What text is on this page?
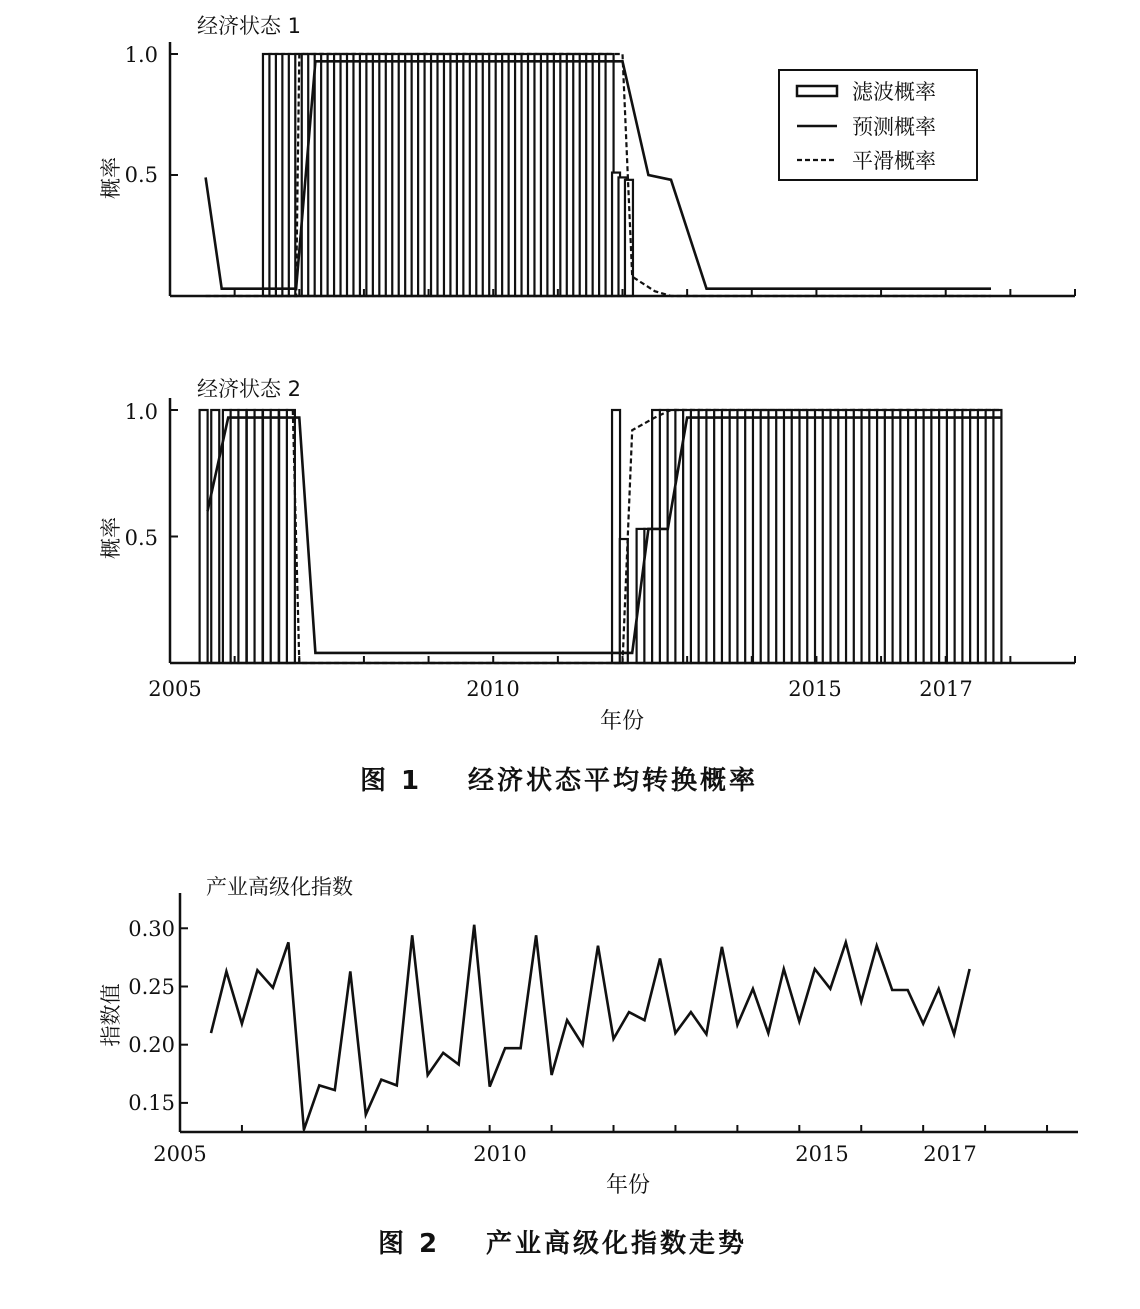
经济状态 1
概率
1.0
0.5
滤波概率
预测概率
平滑概率
经济状态 2
概率
1.0
0.5
2005	2010	2015	2017
年份
图 1 经济状态平均转换概率
产业高级化指数
指数值
0.30
0.25
0.20
0.15
2005	2010	2015	2017
年份
图 2 产业高级化指数走势
